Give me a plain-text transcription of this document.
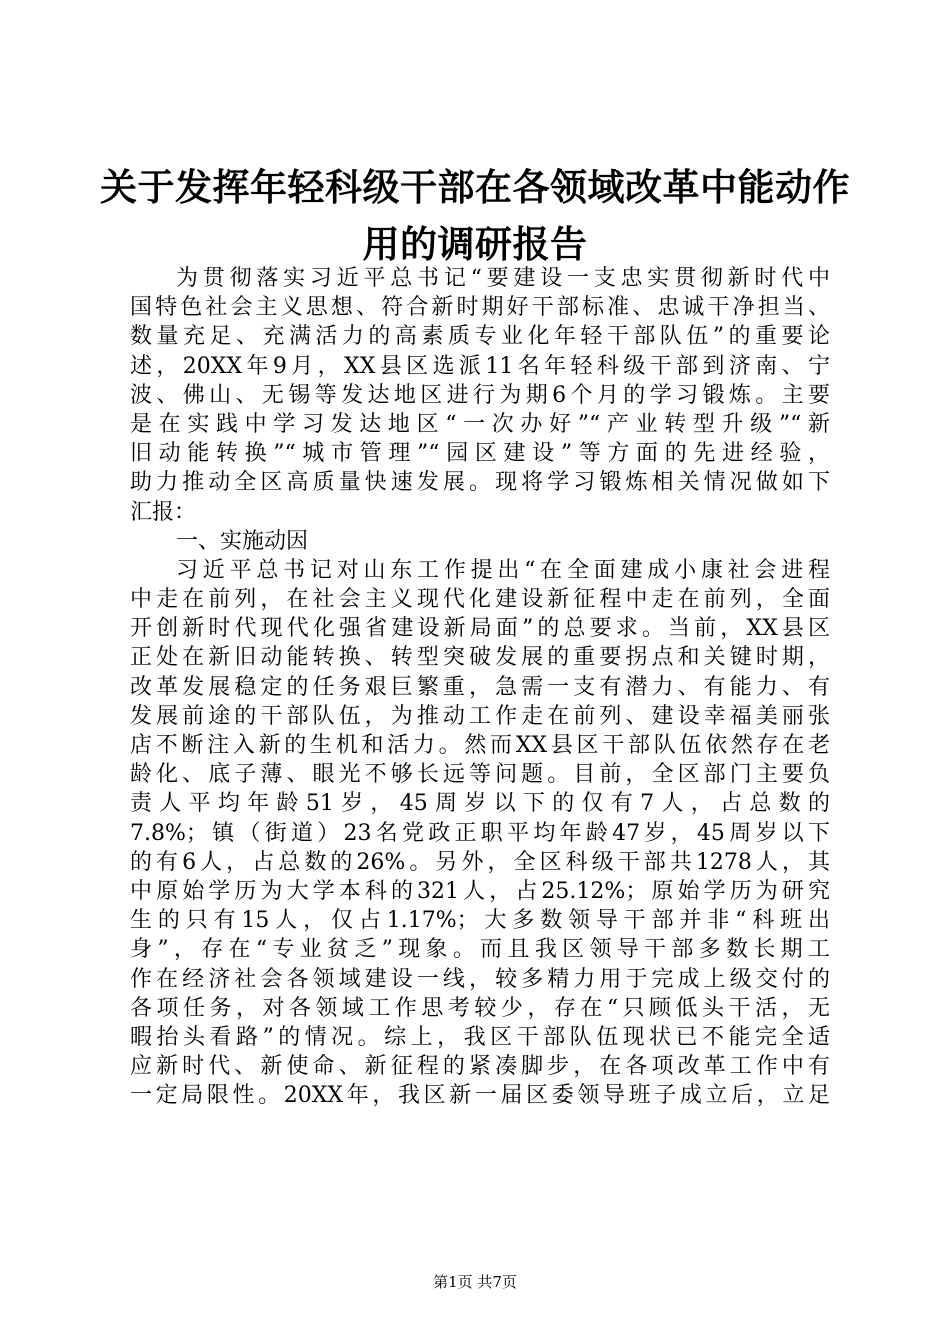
关于发挥年轻科级干部在各领域改革中能动作
用的调研报告
为贯彻落实习近平总书记“要建设一支忠实贯彻新时代中
国特色社会主义思想、符合新时期好干部标准、忠诚干净担当、
数量充足、充满活力的高素质专业化年轻干部队伍”的重要论
述，20XX年9月，XX县区选派11名年轻科级干部到济南、宁
波、佛山、无锡等发达地区进行为期6个月的学习锻炼。主要
是在实践中学习发达地区“一次办好”“产业转型升级”“新
旧动能转换”“城市管理”“园区建设”等方面的先进经验，
助力推动全区高质量快速发展。现将学习锻炼相关情况做如下
汇报：
一、实施动因
习近平总书记对山东工作提出“在全面建成小康社会进程
中走在前列，在社会主义现代化建设新征程中走在前列，全面
开创新时代现代化强省建设新局面”的总要求。当前，XX县区
正处在新旧动能转换、转型突破发展的重要拐点和关键时期，
改革发展稳定的任务艰巨繁重，急需一支有潜力、有能力、有
发展前途的干部队伍，为推动工作走在前列、建设幸福美丽张
店不断注入新的生机和活力。然而XX县区干部队伍依然存在老
龄化、底子薄、眼光不够长远等问题。目前，全区部门主要负
责人平均年龄51岁，45周岁以下的仅有7人，占总数的
7.8%；镇（街道）23名党政正职平均年龄47岁，45周岁以下
的有6人，占总数的26%。另外，全区科级干部共1278人，其
中原始学历为大学本科的321人，占25.12%；原始学历为研究
生的只有15人，仅占1.17%；大多数领导干部并非“科班出
身”，存在“专业贫乏”现象。而且我区领导干部多数长期工
作在经济社会各领域建设一线，较多精力用于完成上级交付的
各项任务，对各领域工作思考较少，存在“只顾低头干活，无
暇抬头看路”的情况。综上，我区干部队伍现状已不能完全适
应新时代、新使命、新征程的紧凑脚步，在各项改革工作中有
一定局限性。20XX年，我区新一届区委领导班子成立后，立足
第1页 共7页
